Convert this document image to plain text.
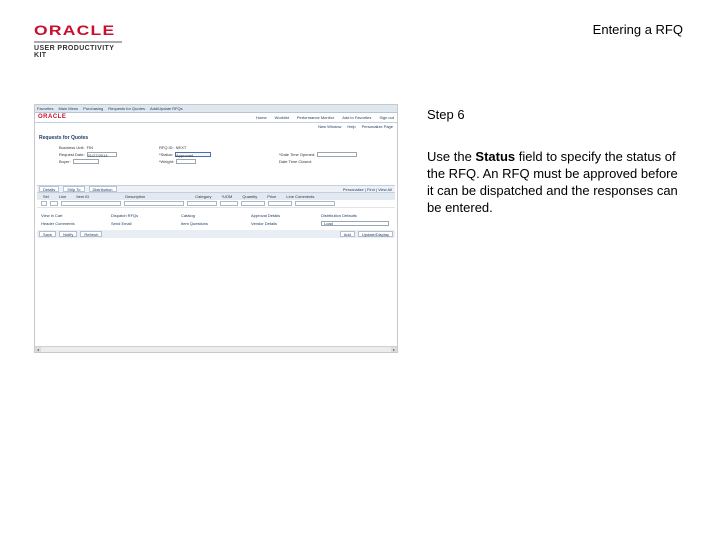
ORACLE
USER PRODUCTIVITY KIT
Entering a RFQ
Favorites Main Menu Purchasing Requests for Quotes Add/Update RFQs
ORACLE	Home Worklist Performance Monitor Add to Favorites Sign out
New Window Help Personalize Page
Requests for Quotes
Business Unit: FIN
Request Date: 01/27/2014
Buyer:
RFQ ID: NEXT
*Status: Approved
*Weight:
*Date Time Opened:
Date Time Closed:
Details	Ship To	Distribution	Personalize | Find | View All
Sel	Line	Item ID	Description	Category	*UOM	Quantity	Price	Line Comments
View in Cart	Dispatch RFQs	Catalog	Approval Details	Distribution Defaults
Header Comments	Send Email	Item Questions	Vendor Details	Load
Save	Notify	Refresh	Add	Update/Display
◂	▸
Step 6
Use the Status field to specify the status of the RFQ. An RFQ must be approved before it can be dispatched and the responses can be entered.
